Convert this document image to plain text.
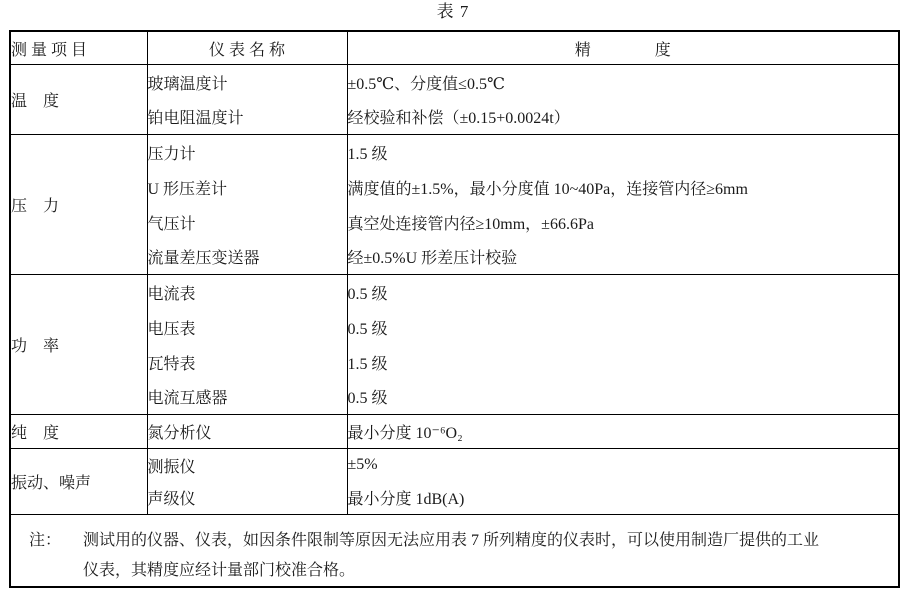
表 7
测 量 项 目	仪 表 名 称	精　　　　度
温　度	玻璃温度计	±0.5℃、分度值≤0.5℃
	铂电阻温度计	经校验和补偿（±0.15+0.0024t）
压　力	压力计	1.5 级
	U 形压差计	满度值的±1.5%，最小分度值 10~40Pa，连接管内径≥6mm
	气压计	真空处连接管内径≥10mm，±66.6Pa
	流量差压变送器	经±0.5%U 形差压计校验
功　率	电流表	0.5 级
	电压表	0.5 级
	瓦特表	1.5 级
	电流互感器	0.5 级
纯　度	氮分析仪	最小分度 10⁻⁶O₂
振动、噪声	测振仪	±5%
	声级仪	最小分度 1dB(A)

注： 测试用的仪器、仪表，如因条件限制等原因无法应用表 7 所列精度的仪表时，可以使用制造厂提供的工业
仪表，其精度应经计量部门校准合格。		
